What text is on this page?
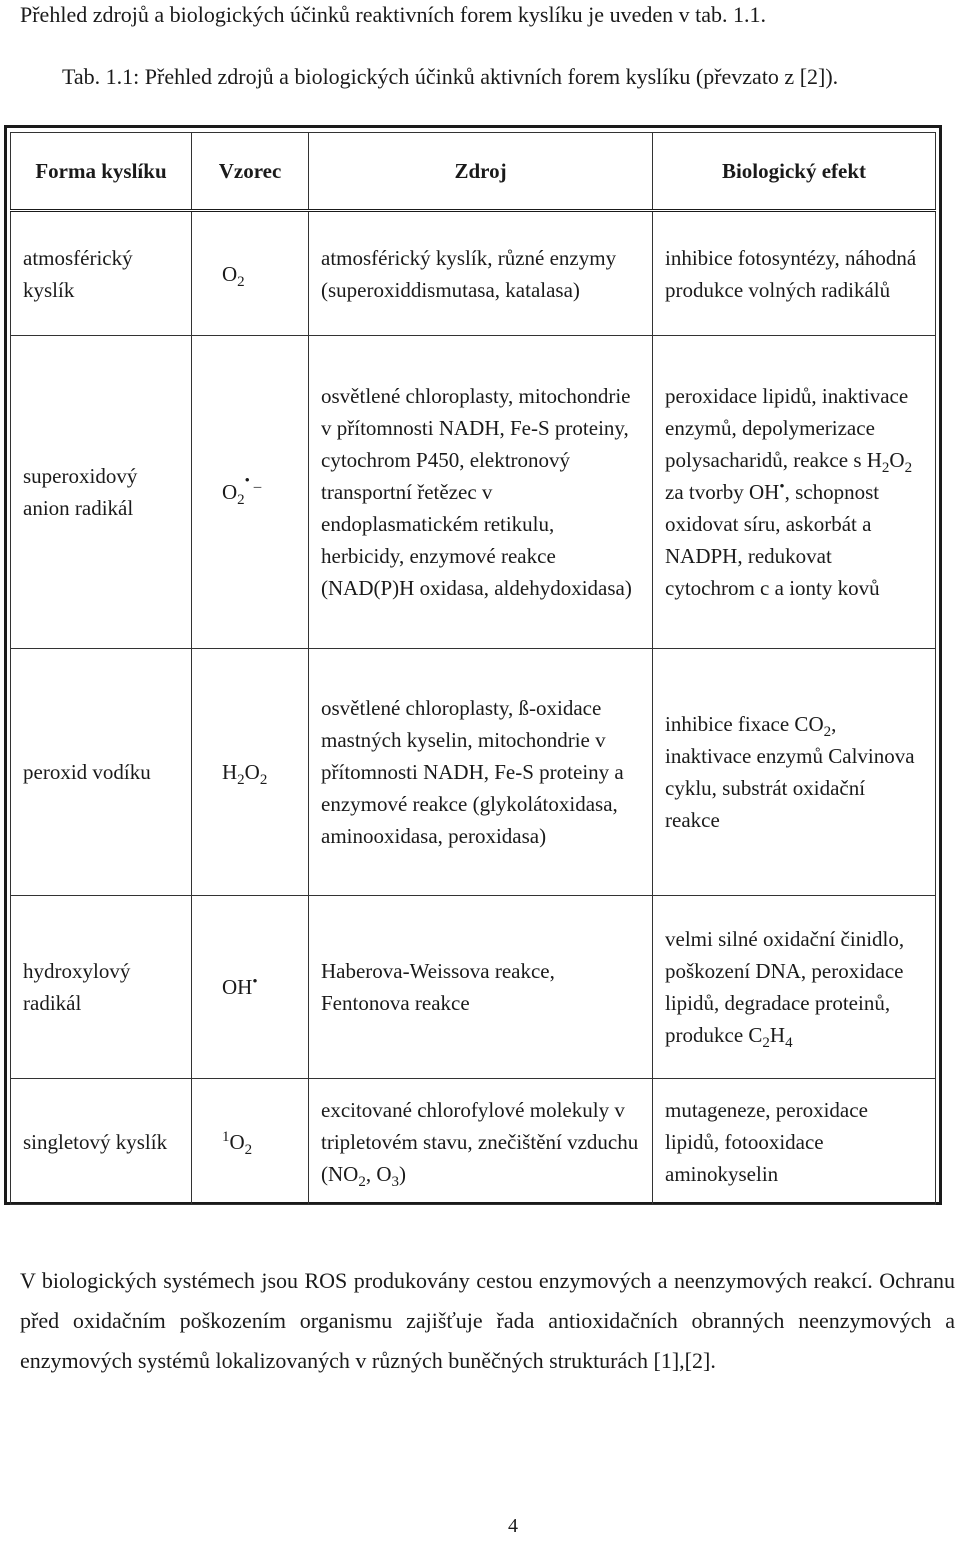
Přehled zdrojů a biologických účinků reaktivních forem kyslíku je uveden v tab. 1.1.
Tab. 1.1: Přehled zdrojů a biologických účinků aktivních forem kyslíku (převzato z [2]).
Forma kyslíku	Vzorec	Zdroj	Biologický efekt
atmosférický kyslík	$O_2$	atmosférický kyslík, různé enzymy (superoxiddismutasa, katalasa)	inhibice fotosyntézy, náhodná produkce volných radikálů
superoxidový anion radikál	$O_2^{^• -}$	osvětlené chloroplasty, mitochondrie v přítomnosti NADH, Fe-S proteiny, cytochrom P450, elektronový transportní řetězec v endoplasmatickém retikulu, herbicidy, enzymové reakce (NAD(P)H oxidasa, aldehydoxidasa)	peroxidace lipidů, inaktivace enzymů, depolymerizace polysacharidů, reakce s $H_2O_2$ za tvorby OH•, schopnost oxidovat síru, askorbát a NADPH, redukovat cytochrom c a ionty kovů
peroxid vodíku	$H_2O_2$	osvětlené chloroplasty, ß-oxidace mastných kyselin, mitochondrie v přítomnosti NADH, Fe-S proteiny a enzymové reakce (glykolátoxidasa, aminooxidasa, peroxidasa)	inhibice fixace $CO_2$, inaktivace enzymů Calvinova cyklu, substrát oxidační reakce
hydroxylový radikál	OH•	Haberova-Weissova reakce, Fentonova reakce	velmi silné oxidační činidlo, poškození DNA, peroxidace lipidů, degradace proteinů, produkce $C_2H_4$
singletový kyslík	$^1O_2$	excitované chlorofylové molekuly v tripletovém stavu, znečištění vzduchu ($NO_2$, $O_3$)	mutageneze, peroxidace lipidů, fotooxidace aminokyselin
V biologických systémech jsou ROS produkovány cestou enzymových a neenzymových reakcí. Ochranu před oxidačním poškozením organismu zajišťuje řada antioxidačních obranných neenzymových a enzymových systémů lokalizovaných v různých buněčných strukturách [1],[2].
4
